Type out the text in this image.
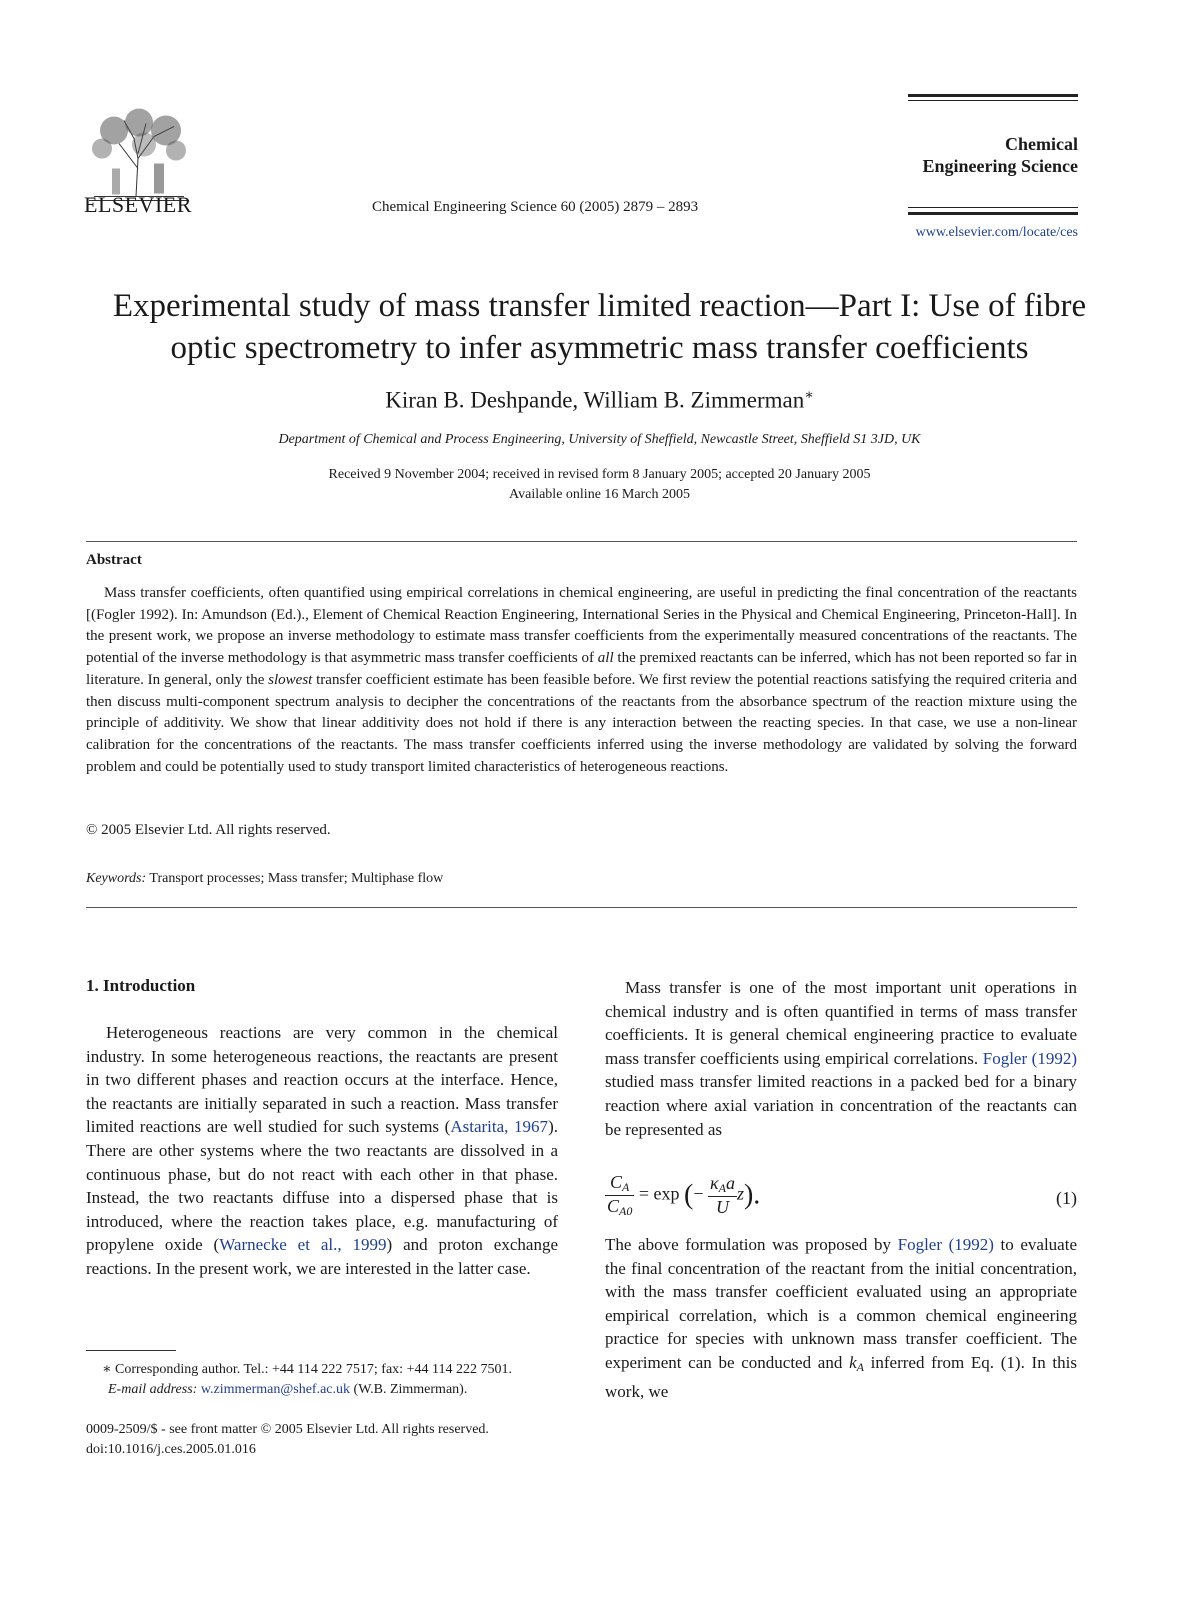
ELSEVIER	Chemical Engineering Science 60 (2005) 2879 – 2893
Chemical
Engineering Science
www.elsevier.com/locate/ces
Experimental study of mass transfer limited reaction—Part I: Use of fibre
optic spectrometry to infer asymmetric mass transfer coefficients
Kiran B. Deshpande, William B. Zimmerman∗
Department of Chemical and Process Engineering, University of Sheffield, Newcastle Street, Sheffield S1 3JD, UK
Received 9 November 2004; received in revised form 8 January 2005; accepted 20 January 2005
Available online 16 March 2005
Abstract

Mass transfer coefficients, often quantified using empirical correlations in chemical engineering, are useful in predicting the final concentration of the reactants [(Fogler 1992). In: Amundson (Ed.)., Element of Chemical Reaction Engineering, International Series in the Physical and Chemical Engineering, Princeton-Hall]. In the present work, we propose an inverse methodology to estimate mass transfer coefficients from the experimentally measured concentrations of the reactants. The potential of the inverse methodology is that asymmetric mass transfer coefficients of all the premixed reactants can be inferred, which has not been reported so far in literature. In general, only the slowest transfer coefficient estimate has been feasible before. We first review the potential reactions satisfying the required criteria and then discuss multi-component spectrum analysis to decipher the concentrations of the reactants from the absorbance spectrum of the reaction mixture using the principle of additivity. We show that linear additivity does not hold if there is any interaction between the reacting species. In that case, we use a non-linear calibration for the concentrations of the reactants. The mass transfer coefficients inferred using the inverse methodology are validated by solving the forward problem and could be potentially used to study transport limited characteristics of heterogeneous reactions.

© 2005 Elsevier Ltd. All rights reserved.
Keywords: Transport processes; Mass transfer; Multiphase flow
1. Introduction

Heterogeneous reactions are very common in the chemical industry. In some heterogeneous reactions, the reactants are present in two different phases and reaction occurs at the interface. Hence, the reactants are initially separated in such a reaction. Mass transfer limited reactions are well studied for such systems (Astarita, 1967). There are other systems where the two reactants are dissolved in a continuous phase, but do not react with each other in that phase. Instead, the two reactants diffuse into a dispersed phase that is introduced, where the reaction takes place, e.g. manufacturing of propylene oxide (Warnecke et al., 1999) and proton exchange reactions. In the present work, we are interested in the latter case.

∗ Corresponding author. Tel.: +44 114 222 7517; fax: +44 114 222 7501.
E-mail address: w.zimmerman@shef.ac.uk (W.B. Zimmerman).
0009-2509/$ - see front matter © 2005 Elsevier Ltd. All rights reserved.
doi:10.1016/j.ces.2005.01.016

Mass transfer is one of the most important unit operations in chemical industry and is often quantified in terms of mass transfer coefficients. It is general chemical engineering practice to evaluate mass transfer coefficients using empirical correlations. Fogler (1992) studied mass transfer limited reactions in a packed bed for a binary reaction where axial variation in concentration of the reactants can be represented as

$\frac{C_A}{C_{A0}} = \exp$ (− $\frac{\kappa_Aa}{U} z$).	(1)

The above formulation was proposed by Fogler (1992) to evaluate the final concentration of the reactant from the initial concentration, with the mass transfer coefficient evaluated using an appropriate empirical correlation, which is a common chemical engineering practice for species with unknown mass transfer coefficient. The experiment can be conducted and $k_A$ inferred from Eq. (1). In this work, we
